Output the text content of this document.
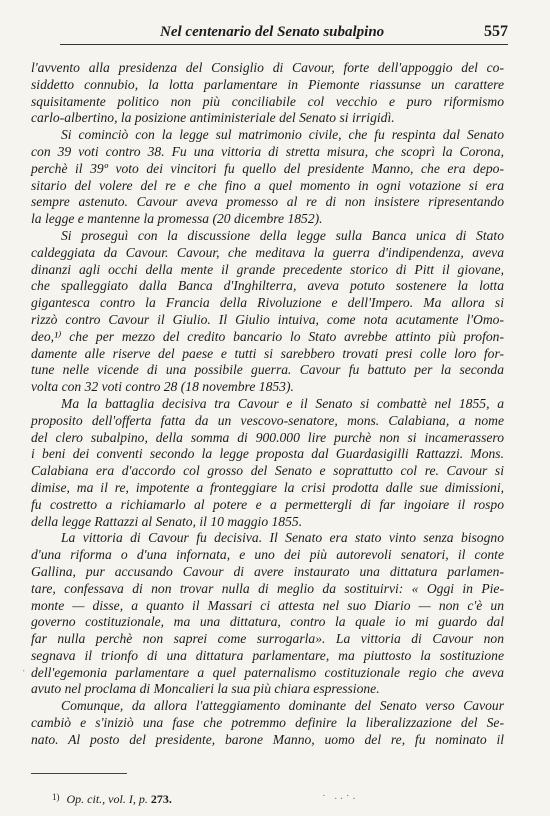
Nel centenario del Senato subalpino	557

l'avvento alla presidenza del Consiglio di Cavour, forte dell'appoggio del co-

siddetto connubio, la lotta parlamentare in Piemonte riassunse un carattere

squisitamente politico non più conciliabile col vecchio e puro riformismo

carlo-albertino, la posizione antiministeriale del Senato si irrigidì.

Si cominciò con la legge sul matrimonio civile, che fu respinta dal Senato

con 39 voti contro 38. Fu una vittoria di stretta misura, che scoprì la Corona,

perchè il 39º voto dei vincitori fu quello del presidente Manno, che era depo-

sitario del volere del re e che fino a quel momento in ogni votazione si era

sempre astenuto. Cavour aveva promesso al re di non insistere ripresentando

la legge e mantenne la promessa (20 dicembre 1852).

Si proseguì con la discussione della legge sulla Banca unica di Stato

caldeggiata da Cavour. Cavour, che meditava la guerra d'indipendenza, aveva

dinanzi agli occhi della mente il grande precedente storico di Pitt il giovane,

che spalleggiato dalla Banca d'Inghilterra, aveva potuto sostenere la lotta

gigantesca contro la Francia della Rivoluzione e dell'Impero. Ma allora si

rizzò contro Cavour il Giulio. Il Giulio intuiva, come nota acutamente l'Omo-

deo,¹⁾ che per mezzo del credito bancario lo Stato avrebbe attinto più profon-

damente alle riserve del paese e tutti si sarebbero trovati presi colle loro for-

tune nelle vicende di una possibile guerra. Cavour fu battuto per la seconda

volta con 32 voti contro 28 (18 novembre 1853).

Ma la battaglia decisiva tra Cavour e il Senato si combattè nel 1855, a

proposito dell'offerta fatta da un vescovo-senatore, mons. Calabiana, a nome

del clero subalpino, della somma di 900.000 lire purchè non si incamerassero

i beni dei conventi secondo la legge proposta dal Guardasigilli Rattazzi. Mons.

Calabiana era d'accordo col grosso del Senato e soprattutto col re. Cavour si

dimise, ma il re, impotente a fronteggiare la crisi prodotta dalle sue dimissioni,

fu costretto a richiamarlo al potere e a permettergli di far ingoiare il rospo

della legge Rattazzi al Senato, il 10 maggio 1855.

La vittoria di Cavour fu decisiva. Il Senato era stato vinto senza bisogno

d'una riforma o d'una infornata, e uno dei più autorevoli senatori, il conte

Gallina, pur accusando Cavour di avere instaurato una dittatura parlamen-

tare, confessava di non trovar nulla di meglio da sostituirvi: « Oggi in Pie-

monte — disse, a quanto il Massari ci attesta nel suo Diario — non c'è un

governo costituzionale, ma una dittatura, contro la quale io mi guardo dal

far nulla perchè non saprei come surrogarla». La vittoria di Cavour non

segnava il trionfo di una dittatura parlamentare, ma piuttosto la sostituzione

dell'egemonia parlamentare a quel paternalismo costituzionale regio che aveva

avuto nel proclama di Moncalieri la sua più chiara espressione.

Comunque, da allora l'atteggiamento dominante del Senato verso Cavour

cambiò e s'iniziò una fase che potremmo definire la liberalizzazione del Se-

nato. Al posto del presidente, barone Manno, uomo del re, fu nominato il

ˈ
$^{1)}$ Op. cit., vol. I, p. 273.	· ..·.
